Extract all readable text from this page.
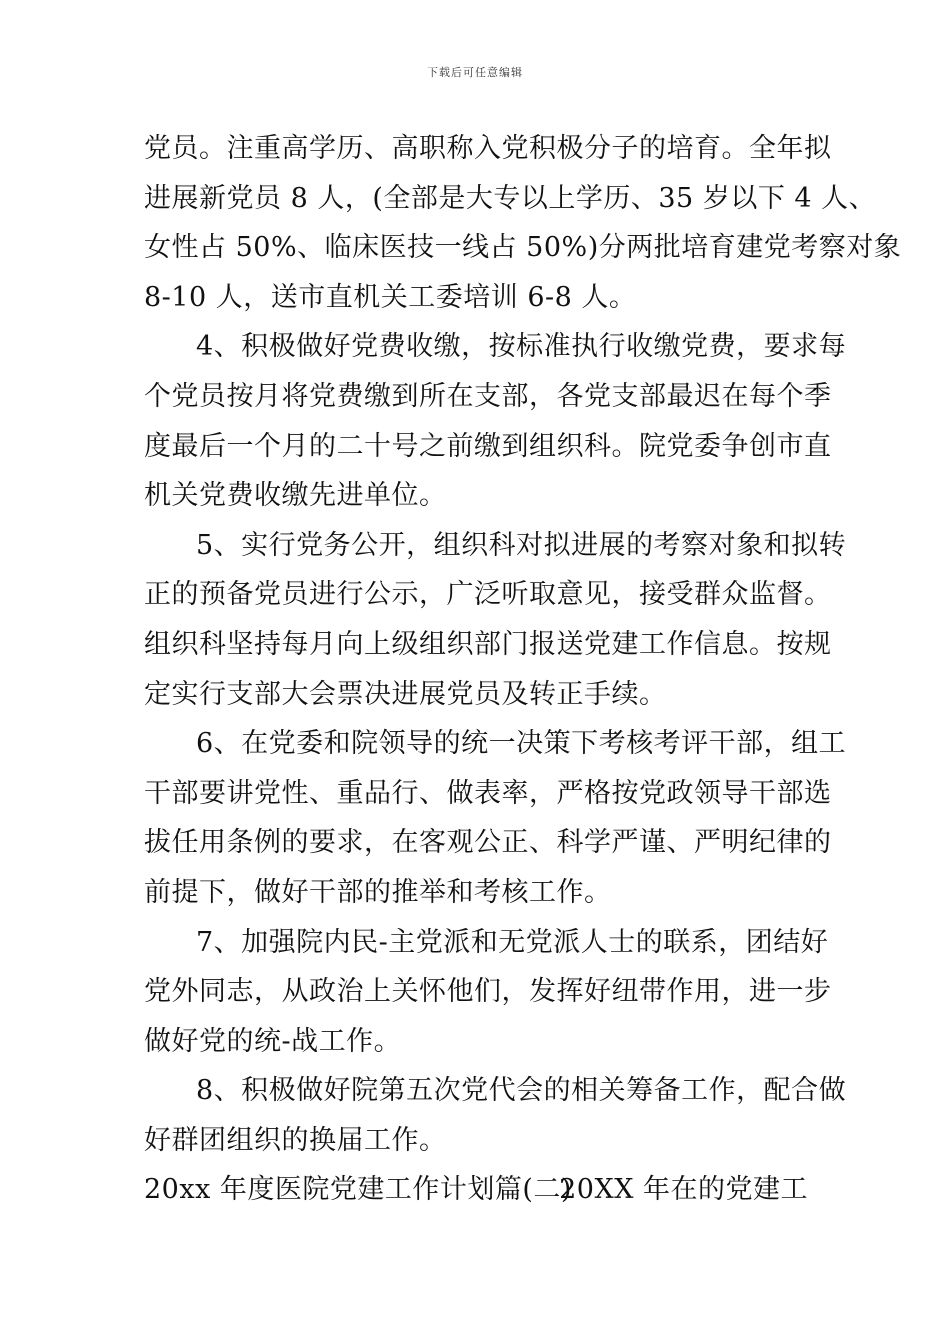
下载后可任意编辑
党员。注重高学历、高职称入党积极分子的培育。全年拟
进展新党员 8 人，(全部是大专以上学历、35 岁以下 4 人、
女性占 50%、临床医技一线占 50%)分两批培育建党考察对象
8-10 人，送市直机关工委培训 6-8 人。
4、积极做好党费收缴，按标准执行收缴党费，要求每
个党员按月将党费缴到所在支部，各党支部最迟在每个季
度最后一个月的二十号之前缴到组织科。院党委争创市直
机关党费收缴先进单位。
5、实行党务公开，组织科对拟进展的考察对象和拟转
正的预备党员进行公示，广泛听取意见，接受群众监督。
组织科坚持每月向上级组织部门报送党建工作信息。按规
定实行支部大会票决进展党员及转正手续。
6、在党委和院领导的统一决策下考核考评干部，组工
干部要讲党性、重品行、做表率，严格按党政领导干部选
拔任用条例的要求，在客观公正、科学严谨、严明纪律的
前提下，做好干部的推举和考核工作。
7、加强院内民-主党派和无党派人士的联系，团结好
党外同志，从政治上关怀他们，发挥好纽带作用，进一步
做好党的统-战工作。
8、积极做好院第五次党代会的相关筹备工作，配合做
好群团组织的换届工作。
20xx 年度医院党建工作计划篇(二)
20XX 年在的党建工
